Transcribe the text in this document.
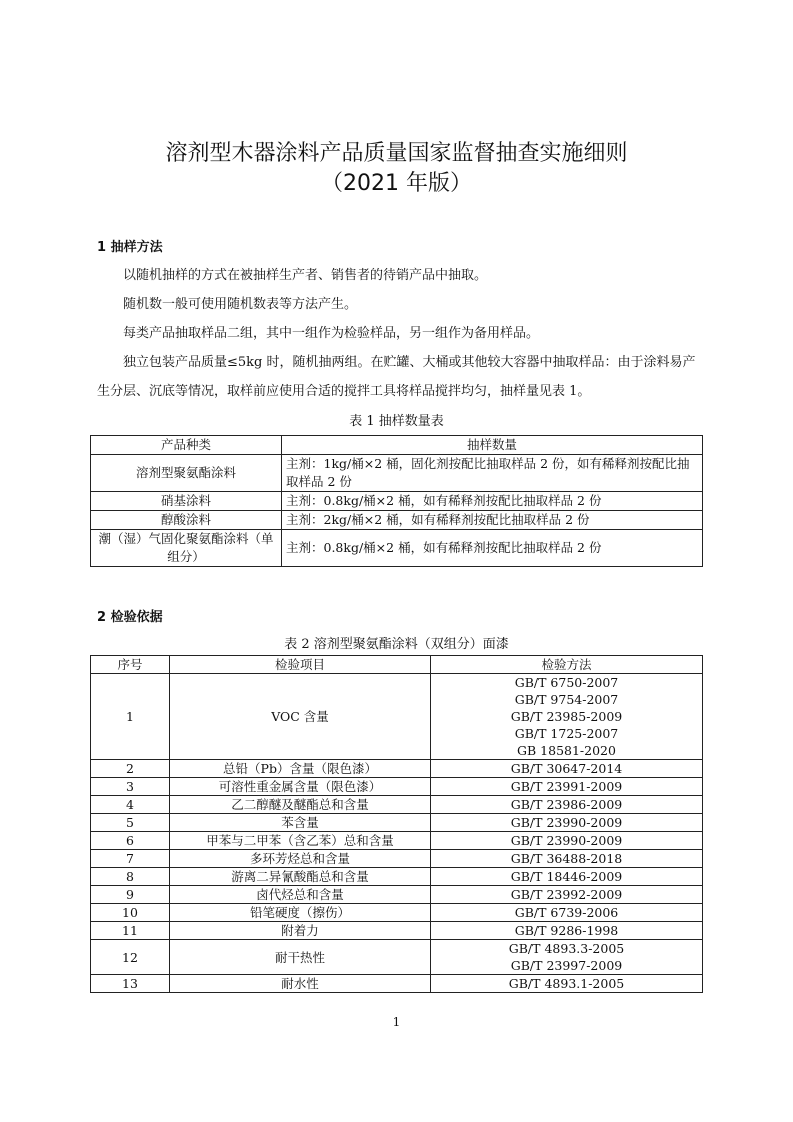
溶剂型木器涂料产品质量国家监督抽查实施细则
（2021 年版）
1 抽样方法

以随机抽样的方式在被抽样生产者、销售者的待销产品中抽取。

随机数一般可使用随机数表等方法产生。

每类产品抽取样品二组，其中一组作为检验样品，另一组作为备用样品。

独立包装产品质量≤5kg 时，随机抽两组。在贮罐、大桶或其他较大容器中抽取样品：由于涂料易产生分层、沉底等情况，取样前应使用合适的搅拌工具将样品搅拌均匀，抽样量见表 1。

表 1 抽样数量表
产品种类	抽样数量
溶剂型聚氨酯涂料	主剂：1kg/桶×2 桶，固化剂按配比抽取样品 2 份，如有稀释剂按配比抽取样品 2 份
硝基涂料	主剂：0.8kg/桶×2 桶，如有稀释剂按配比抽取样品 2 份
醇酸涂料	主剂：2kg/桶×2 桶，如有稀释剂按配比抽取样品 2 份
潮（湿）气固化聚氨酯涂料（单组分）	主剂：0.8kg/桶×2 桶，如有稀释剂按配比抽取样品 2 份
2 检验依据
表 2 溶剂型聚氨酯涂料（双组分）面漆
序号	检验项目	检验方法
1	VOC 含量	GB/T 6750-2007
GB/T 9754-2007
GB/T 23985-2009
GB/T 1725-2007
GB 18581-2020
2	总铅（Pb）含量（限色漆）	GB/T 30647-2014
3	可溶性重金属含量（限色漆）	GB/T 23991-2009
4	乙二醇醚及醚酯总和含量	GB/T 23986-2009
5	苯含量	GB/T 23990-2009
6	甲苯与二甲苯（含乙苯）总和含量	GB/T 23990-2009
7	多环芳烃总和含量	GB/T 36488-2018
8	游离二异氰酸酯总和含量	GB/T 18446-2009
9	卤代烃总和含量	GB/T 23992-2009
10	铅笔硬度（擦伤）	GB/T 6739-2006
11	附着力	GB/T 9286-1998
12	耐干热性	GB/T 4893.3-2005
GB/T 23997-2009
13	耐水性	GB/T 4893.1-2005
1
